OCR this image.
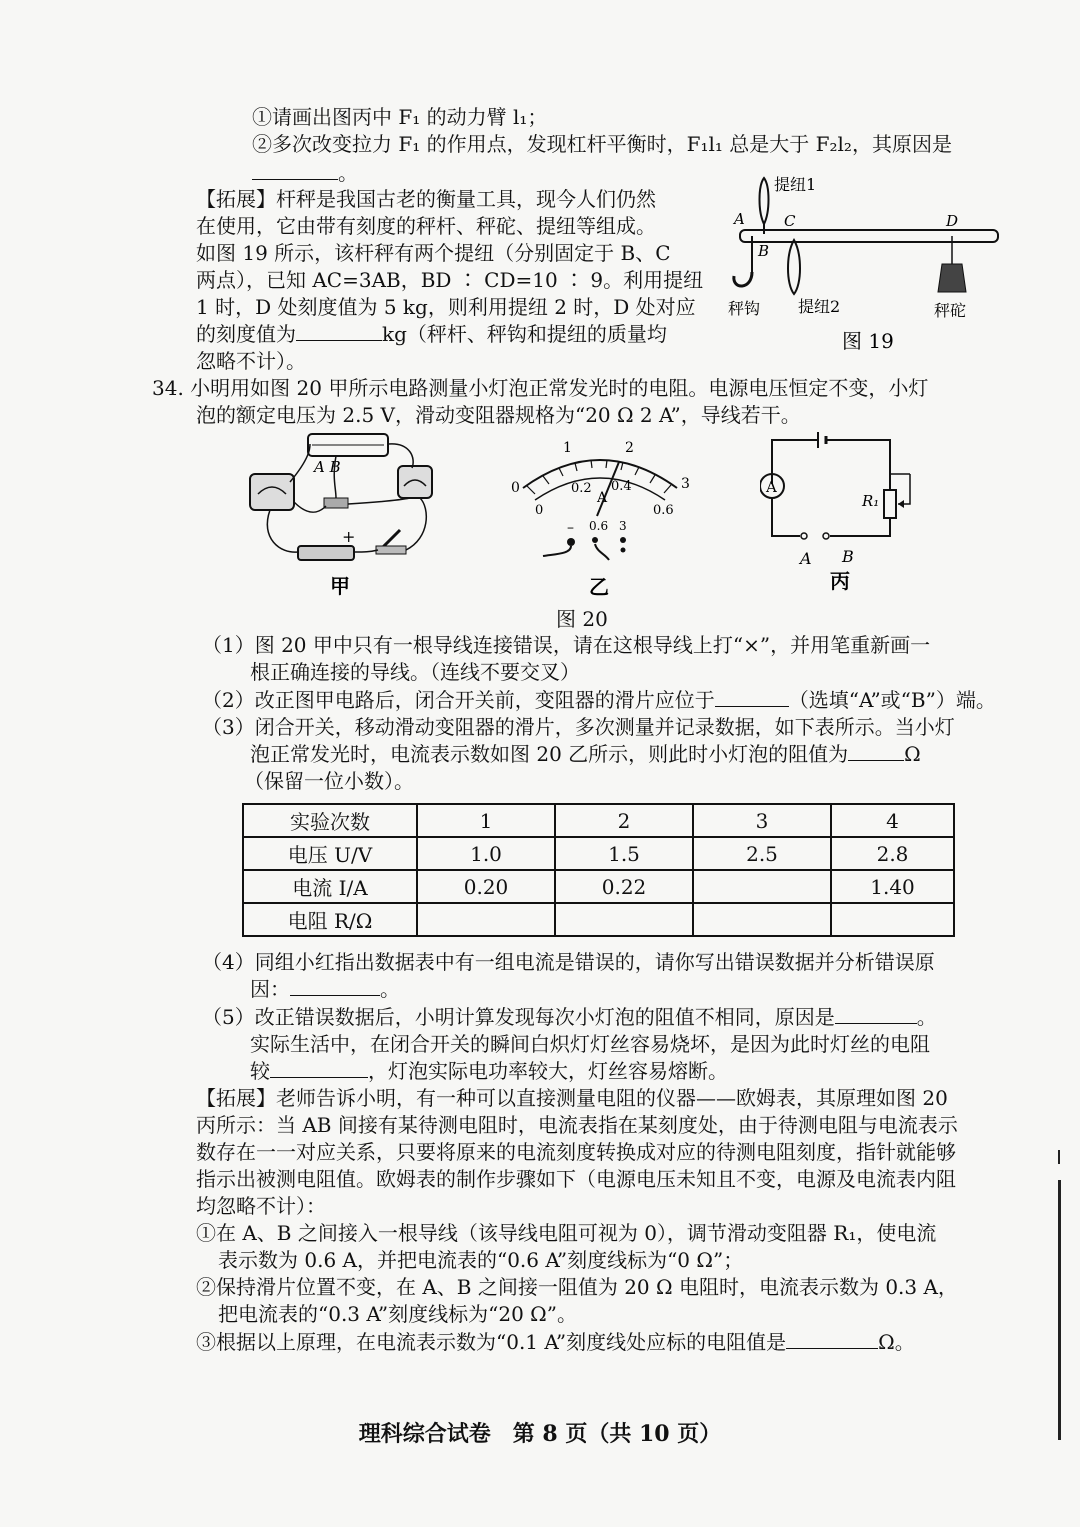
①请画出图丙中 F₁ 的动力臂 l₁；
②多次改变拉力 F₁ 的作用点，发现杠杆平衡时，F₁l₁ 总是大于 F₂l₂，其原因是
。
【拓展】杆秤是我国古老的衡量工具，现今人们仍然
在使用，它由带有刻度的秤杆、秤砣、提纽等组成。
如图 19 所示，该杆秤有两个提纽（分别固定于 B、C
两点），已知 AC=3AB，BD ∶ CD=10 ∶ 9。利用提纽
1 时，D 处刻度值为 5 kg，则利用提纽 2 时，D 处对应
的刻度值为	kg（秤杆、秤钩和提纽的质量均
忽略不计）。
A
B
C	D
提纽1
提纽2
秤钩	秤砣
图 19
34. 小明用如图 20 甲所示电路测量小灯泡正常发光时的电阻。电源电压恒定不变，小灯
泡的额定电压为 2.5 V，滑动变阻器规格为“20 Ω 2 A”，导线若干。
A B
+
甲
1	2
0	3
0.2 0.4
0	0.6
A
– 0.6 3
乙
A
R₁
A B
丙
图 20
（1）图 20 甲中只有一根导线连接错误，请在这根导线上打“×”，并用笔重新画一
根正确连接的导线。（连线不要交叉）
（2）改正图甲电路后，闭合开关前，变阻器的滑片应位于	（选填“A”或“B”）端。
（3）闭合开关，移动滑动变阻器的滑片，多次测量并记录数据，如下表所示。当小灯
泡正常发光时，电流表示数如图 20 乙所示，则此时小灯泡的阻值为	Ω
（保留一位小数）。
实验次数	1	2	3	4
电压 U/V	1.0	1.5	2.5	2.8
电流 I/A	0.20	0.22		1.40
电阻 R/Ω				
（4）同组小红指出数据表中有一组电流是错误的，请你写出错误数据并分析错误原
因：	。
（5）改正错误数据后，小明计算发现每次小灯泡的阻值不相同，原因是	。
实际生活中，在闭合开关的瞬间白炽灯灯丝容易烧坏，是因为此时灯丝的电阻
较	，灯泡实际电功率较大，灯丝容易熔断。
【拓展】老师告诉小明，有一种可以直接测量电阻的仪器——欧姆表，其原理如图 20
丙所示：当 AB 间接有某待测电阻时，电流表指在某刻度处，由于待测电阻与电流表示
数存在一一对应关系，只要将原来的电流刻度转换成对应的待测电阻刻度，指针就能够
指示出被测电阻值。欧姆表的制作步骤如下（电源电压未知且不变，电源及电流表内阻
均忽略不计）：
①在 A、B 之间接入一根导线（该导线电阻可视为 0），调节滑动变阻器 R₁，使电流
表示数为 0.6 A，并把电流表的“0.6 A”刻度线标为“0 Ω”；
②保持滑片位置不变，在 A、B 之间接一阻值为 20 Ω 电阻时，电流表示数为 0.3 A，
把电流表的“0.3 A”刻度线标为“20 Ω”。
③根据以上原理，在电流表示数为“0.1 A”刻度线处应标的电阻值是	Ω。
理科综合试卷　第 8 页（共 10 页）
